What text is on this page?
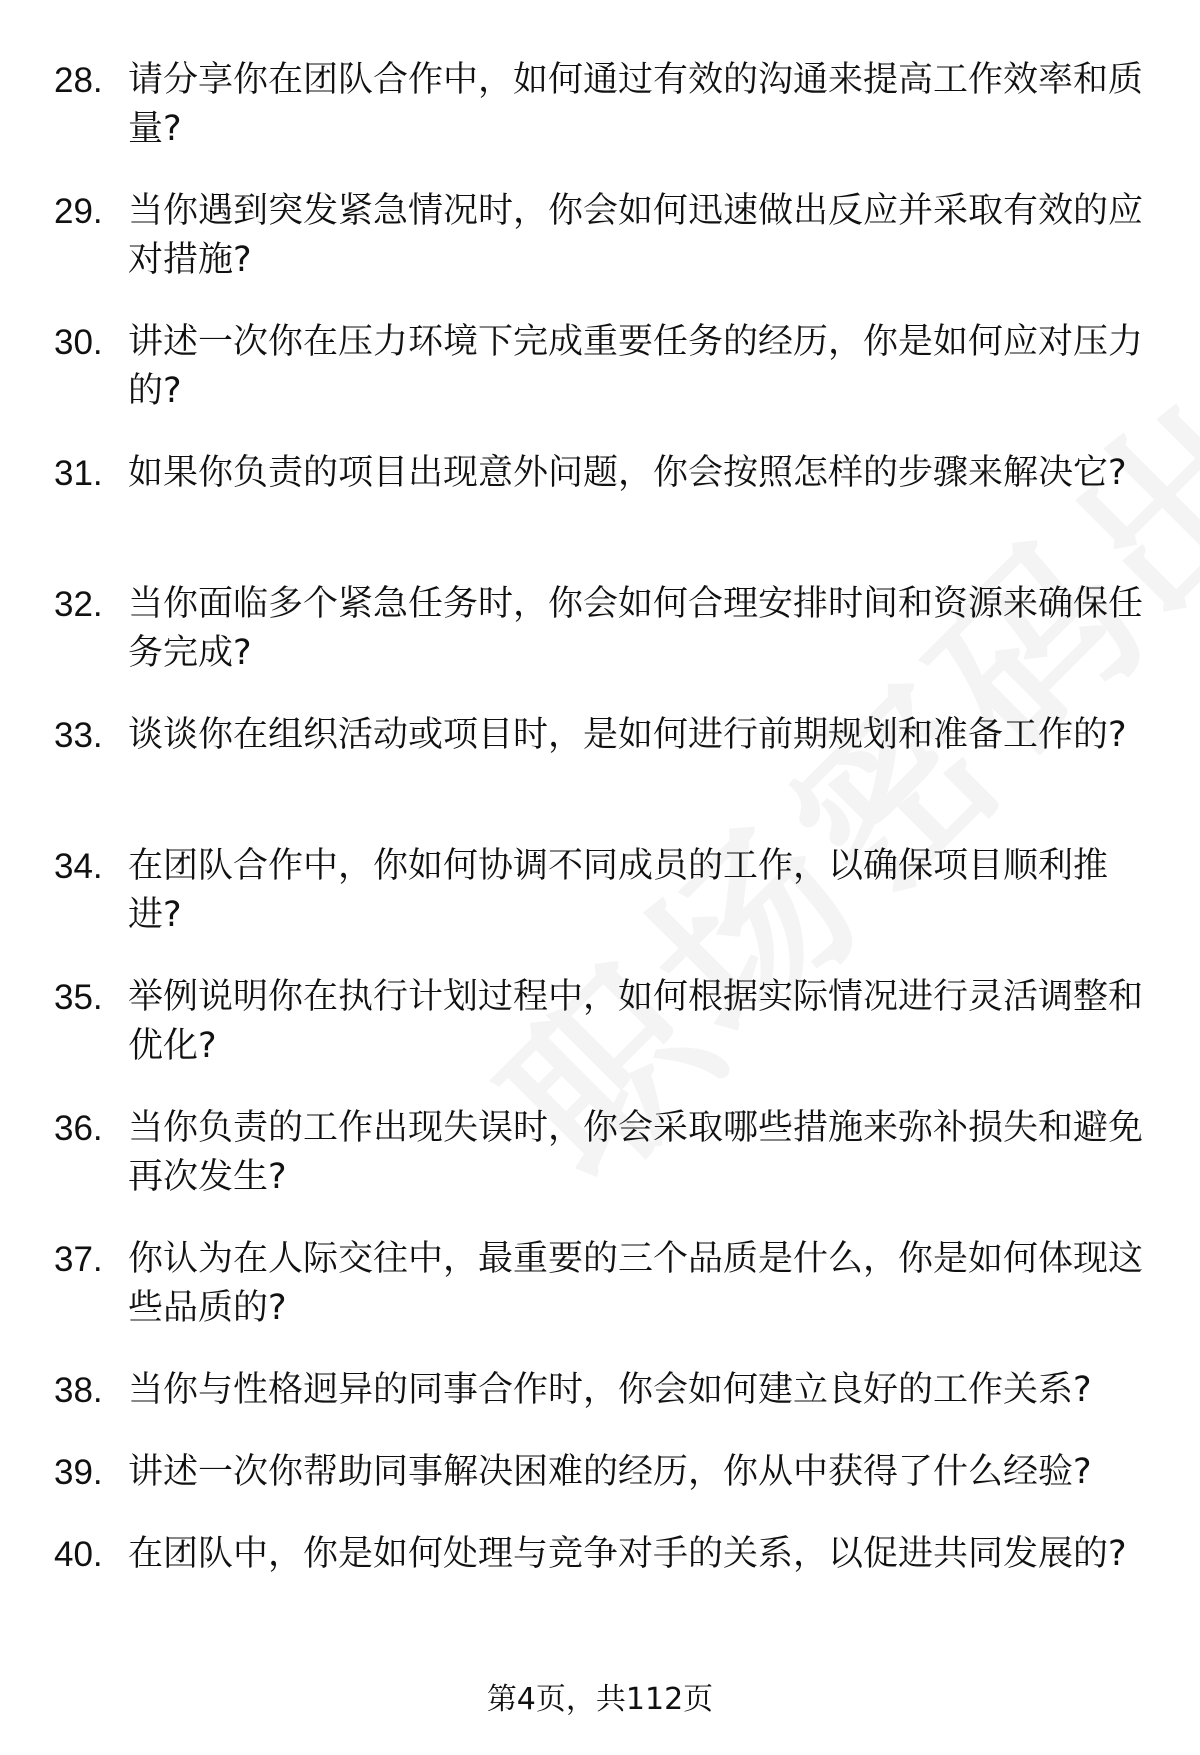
28. 请分享你在团队合作中，如何通过有效的沟通来提高工作效率和质量?
29. 当你遇到突发紧急情况时，你会如何迅速做出反应并采取有效的应对措施?
30. 讲述一次你在压力环境下完成重要任务的经历，你是如何应对压力的?
31. 如果你负责的项目出现意外问题，你会按照怎样的步骤来解决它?
32. 当你面临多个紧急任务时，你会如何合理安排时间和资源来确保任务完成?
33. 谈谈你在组织活动或项目时，是如何进行前期规划和准备工作的?
34. 在团队合作中，你如何协调不同成员的工作，以确保项目顺利推进?
35. 举例说明你在执行计划过程中，如何根据实际情况进行灵活调整和优化?
36. 当你负责的工作出现失误时，你会采取哪些措施来弥补损失和避免再次发生?
37. 你认为在人际交往中，最重要的三个品质是什么，你是如何体现这些品质的?
38. 当你与性格迥异的同事合作时，你会如何建立良好的工作关系?
39. 讲述一次你帮助同事解决困难的经历，你从中获得了什么经验?
40. 在团队中，你是如何处理与竞争对手的关系，以促进共同发展的?
第4页，共112页
